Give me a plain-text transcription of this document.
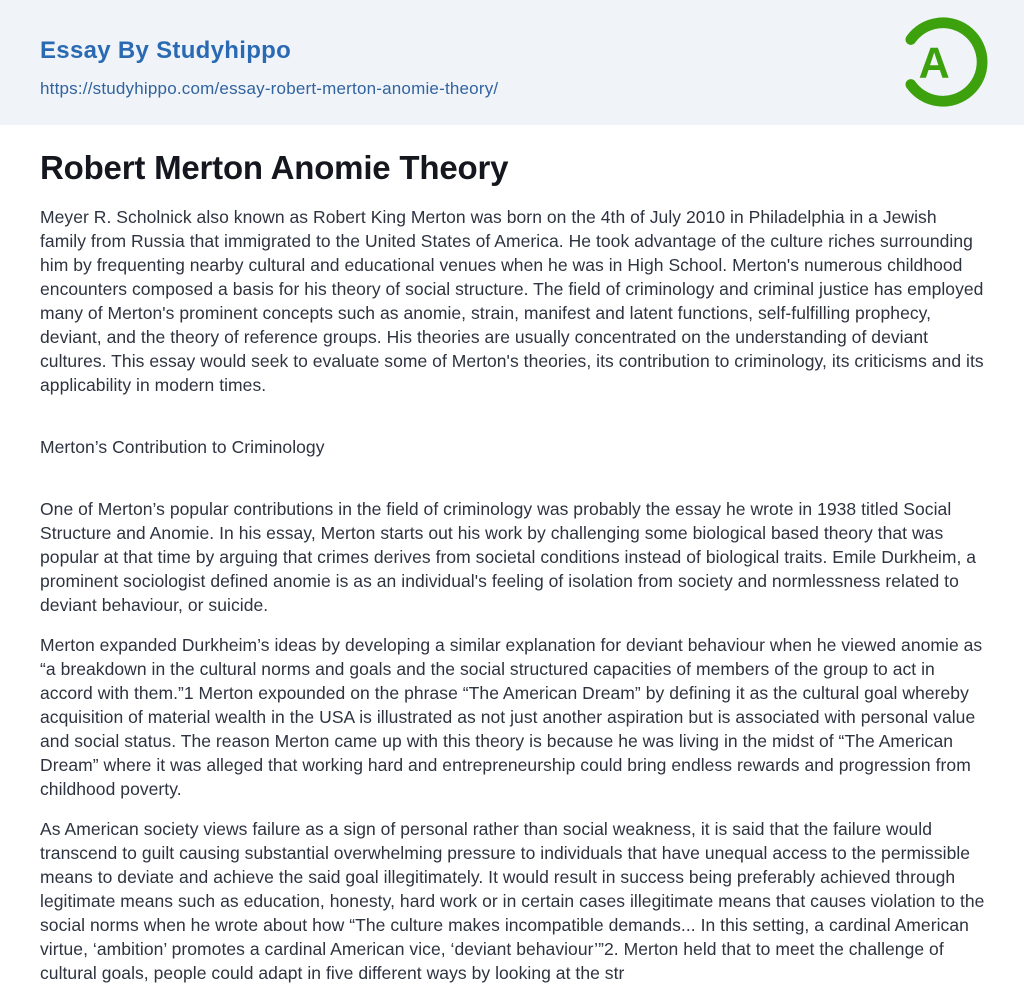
Essay By Studyhippo
https://studyhippo.com/essay-robert-merton-anomie-theory/
A
Robert Merton Anomie Theory

Meyer R. Scholnick also known as Robert King Merton was born on the 4th of July 2010 in Philadelphia in a Jewish family from Russia that immigrated to the United States of America. He took advantage of the culture riches surrounding him by frequenting nearby cultural and educational venues when he was in High School. Merton's numerous childhood encounters composed a basis for his theory of social structure. The field of criminology and criminal justice has employed many of Merton's prominent concepts such as anomie, strain, manifest and latent functions, self-fulfilling prophecy, deviant, and the theory of reference groups. His theories are usually concentrated on the understanding of deviant cultures. This essay would seek to evaluate some of Merton's theories, its contribution to criminology, its criticisms and its applicability in modern times.

Merton’s Contribution to Criminology

One of Merton’s popular contributions in the field of criminology was probably the essay he wrote in 1938 titled Social Structure and Anomie. In his essay, Merton starts out his work by challenging some biological based theory that was popular at that time by arguing that crimes derives from societal conditions instead of biological traits. Emile Durkheim, a prominent sociologist defined anomie is as an individual's feeling of isolation from society and normlessness related to deviant behaviour, or suicide.

Merton expanded Durkheim’s ideas by developing a similar explanation for deviant behaviour when he viewed anomie as “a breakdown in the cultural norms and goals and the social structured capacities of members of the group to act in accord with them.”1 Merton expounded on the phrase “The American Dream” by defining it as the cultural goal whereby acquisition of material wealth in the USA is illustrated as not just another aspiration but is associated with personal value and social status. The reason Merton came up with this theory is because he was living in the midst of “The American Dream” where it was alleged that working hard and entrepreneurship could bring endless rewards and progression from childhood poverty.

As American society views failure as a sign of personal rather than social weakness, it is said that the failure would transcend to guilt causing substantial overwhelming pressure to individuals that have unequal access to the permissible means to deviate and achieve the said goal illegitimately. It would result in success being preferably achieved through legitimate means such as education, honesty, hard work or in certain cases illegitimate means that causes violation to the social norms when he wrote about how “The culture makes incompatible demands... In this setting, a cardinal American virtue, ‘ambition’ promotes a cardinal American vice, ‘deviant behaviour’”2. Merton held that to meet the challenge of cultural goals, people could adapt in five different ways by looking at the str
